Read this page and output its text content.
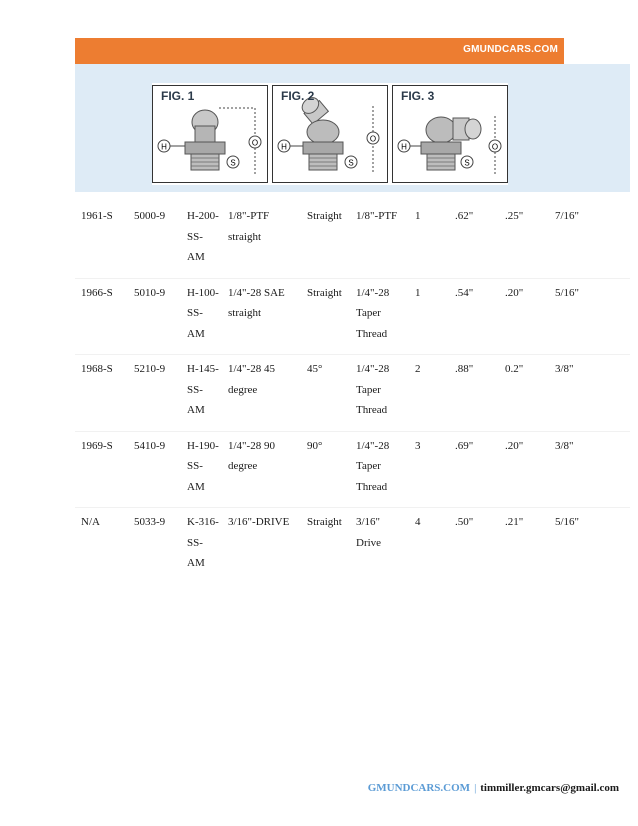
GMUNDCARS.COM
H	O
S
FIG. 1
H
O
S
FIG. 2
H	O
S
FIG. 3
1961-S	5000-9	H-200-SS-AM	1/8"-PTF straight	Straight	1/8"-PTF	1	.62"	.25"	7/16"
1966-S	5010-9	H-100-SS-AM	1/4"-28 SAE straight	Straight	1/4"-28 Taper Thread	1	.54"	.20"	5/16"
1968-S	5210-9	H-145-SS-AM	1/4"-28 45 degree	45°	1/4"-28 Taper Thread	2	.88"	0.2"	3/8"
1969-S	5410-9	H-190-SS-AM	1/4"-28 90 degree	90°	1/4"-28 Taper Thread	3	.69"	.20"	3/8"
N/A	5033-9	K-316-SS-AM	3/16"-DRIVE	Straight	3/16" Drive	4	.50"	.21"	5/16"
GMUNDCARS.COM | timmiller.gmcars@gmail.com
